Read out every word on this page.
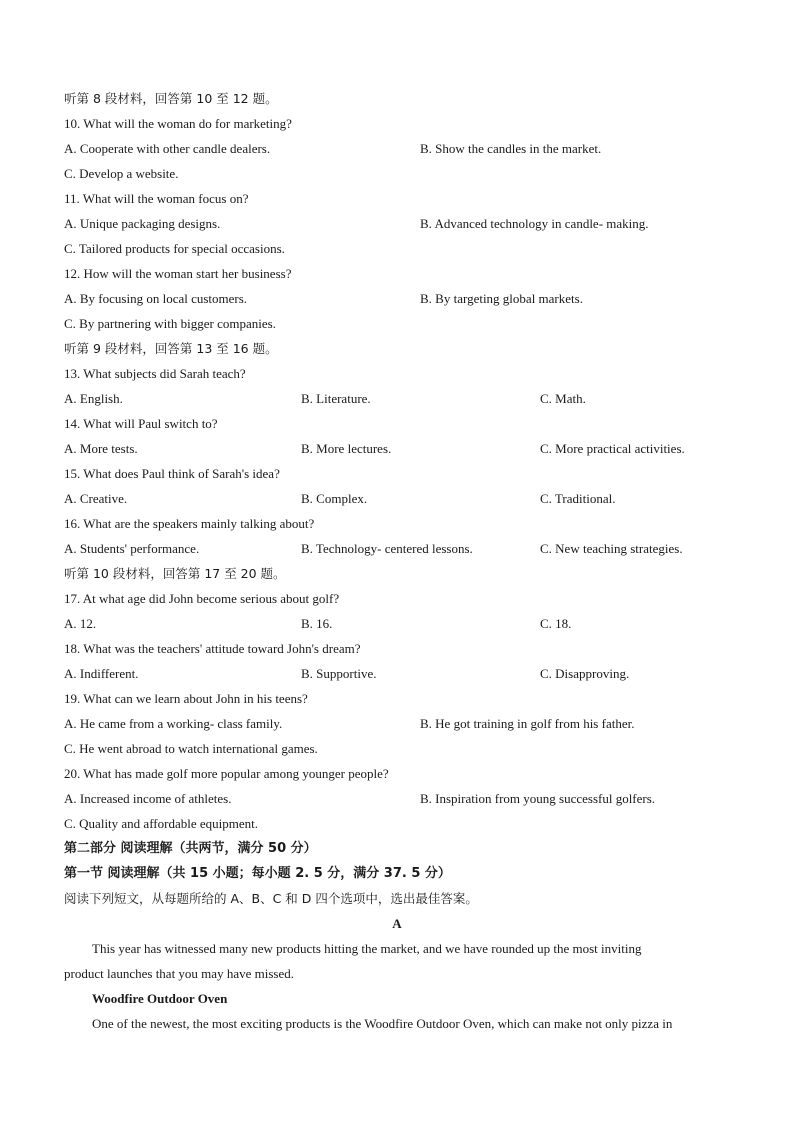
听第 8 段材料，回答第 10 至 12 题。
10. What will the woman do for marketing?
A. Cooperate with other candle dealers.	B. Show the candles in the market.
C. Develop a website.
11. What will the woman focus on?
A. Unique packaging designs.	B. Advanced technology in candle- making.
C. Tailored products for special occasions.
12. How will the woman start her business?
A. By focusing on local customers.	B. By targeting global markets.
C. By partnering with bigger companies.
听第 9 段材料，回答第 13 至 16 题。
13. What subjects did Sarah teach?
A. English.	B. Literature.	C. Math.
14. What will Paul switch to?
A. More tests.	B. More lectures.	C. More practical activities.
15. What does Paul think of Sarah's idea?
A. Creative.	B. Complex.	C. Traditional.
16. What are the speakers mainly talking about?
A. Students' performance.	B. Technology- centered lessons.	C. New teaching strategies.
听第 10 段材料，回答第 17 至 20 题。
17. At what age did John become serious about golf?
A. 12.	B. 16.	C. 18.
18. What was the teachers' attitude toward John's dream?
A. Indifferent.	B. Supportive.	C. Disapproving.
19. What can we learn about John in his teens?
A. He came from a working- class family.	B. He got training in golf from his father.
C. He went abroad to watch international games.
20. What has made golf more popular among younger people?
A. Increased income of athletes.	B. Inspiration from young successful golfers.
C. Quality and affordable equipment.
第二部分 阅读理解（共两节，满分 50 分）
第一节 阅读理解（共 15 小题；每小题 2. 5 分，满分 37. 5 分）
阅读下列短文，从每题所给的 A、B、C 和 D 四个选项中，选出最佳答案。
A
This year has witnessed many new products hitting the market, and we have rounded up the most inviting
product launches that you may have missed.
Woodfire Outdoor Oven
One of the newest, the most exciting products is the Woodfire Outdoor Oven, which can make not only pizza in
